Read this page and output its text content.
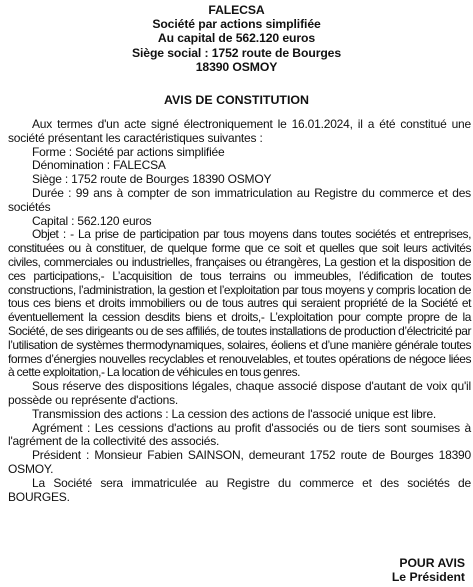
FALECSA
Société par actions simplifiée
Au capital de 562.120 euros
Siège social : 1752 route de Bourges
18390 OSMOY
AVIS DE CONSTITUTION

Aux termes d'un acte signé électroniquement le 16.01.2024, il a été constitué une société présentant les caractéristiques suivantes :

Forme : Société par actions simplifiée

Dénomination : FALECSA

Siège : 1752 route de Bourges 18390 OSMOY

Durée : 99 ans à compter de son immatriculation au Registre du commerce et des sociétés

Capital : 562.120 euros

Objet : - La prise de participation par tous moyens dans toutes sociétés et entreprises, constituées ou à constituer, de quelque forme que ce soit et quelles que soit leurs activités civiles, commerciales ou industrielles, françaises ou étrangères, La gestion et la disposition de ces participations,- L’acquisition de tous terrains ou immeubles, l’édification de toutes constructions, l’administration, la gestion et l’exploitation par tous moyens y compris location de tous ces biens et droits immobiliers ou de tous autres qui seraient propriété de la Société et éventuellement la cession desdits biens et droits,- L’exploitation pour compte propre de la Société, de ses dirigeants ou de ses affiliés, de toutes installations de production d’électricité par l’utilisation de systèmes thermodynamiques, solaires, éoliens et d’une manière générale toutes formes d’énergies nouvelles recyclables et renouvelables, et toutes opérations de négoce liées à cette exploitation,- La location de véhicules en tous genres.

Sous réserve des dispositions légales, chaque associé dispose d'autant de voix qu'il possède ou représente d'actions.

Transmission des actions : La cession des actions de l'associé unique est libre.

Agrément : Les cessions d'actions au profit d'associés ou de tiers sont soumises à l'agrément de la collectivité des associés.

Président : Monsieur Fabien SAINSON, demeurant 1752 route de Bourges 18390 OSMOY.

La Société sera immatriculée au Registre du commerce et des sociétés de BOURGES.

POUR AVIS
Le Président
